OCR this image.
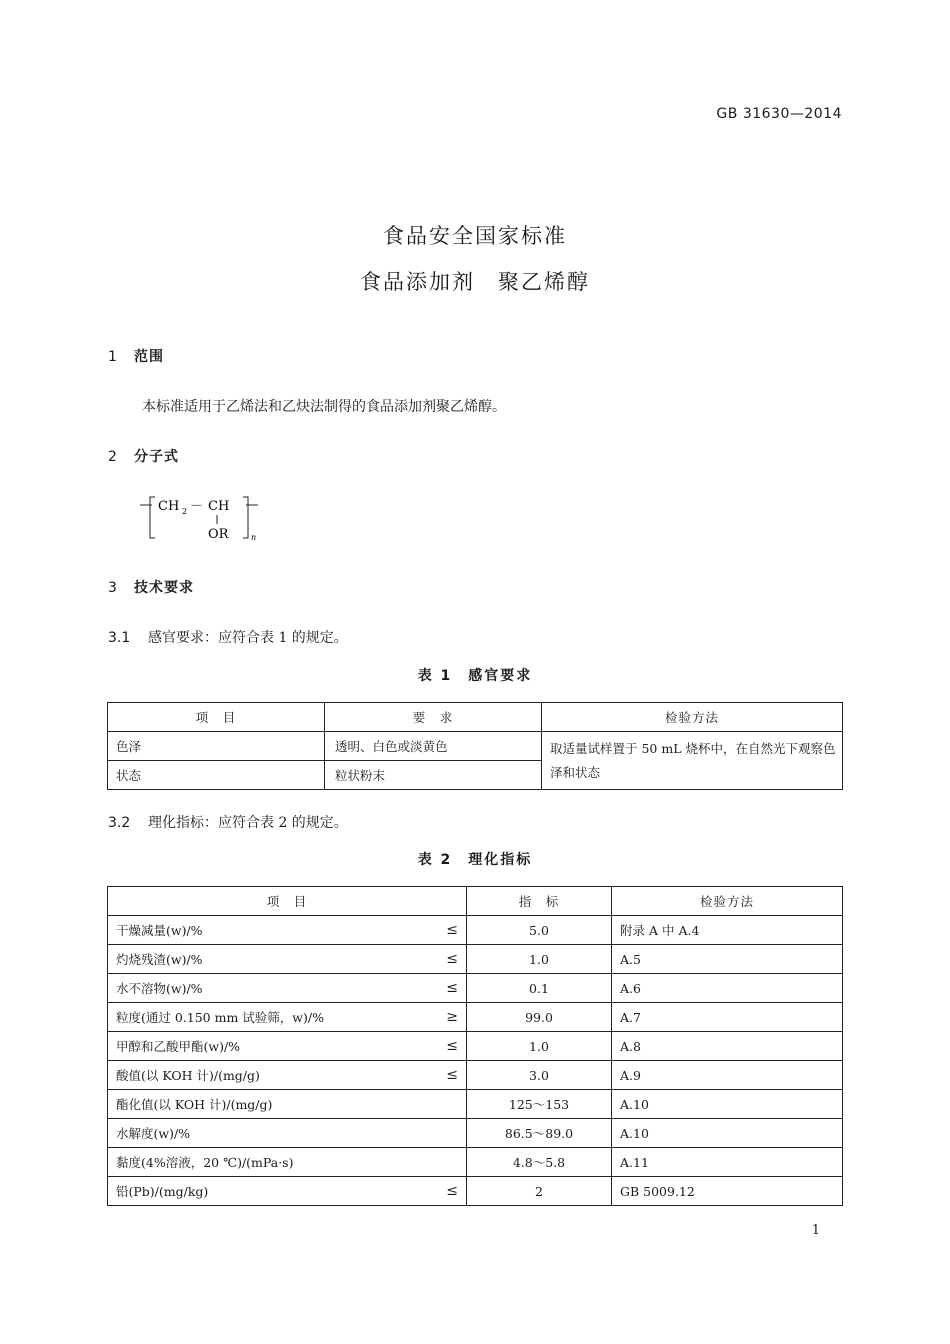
GB 31630—2014
食品安全国家标准
食品添加剂　聚乙烯醇
1 范围
本标准适用于乙烯法和乙炔法制得的食品添加剂聚乙烯醇。
2 分子式
CH 2 － CH
OR	n
3 技术要求
3.1 感官要求：应符合表 1 的规定。
表 1　感官要求
项　目	要　求	检验方法
色泽	透明、白色或淡黄色	取适量试样置于 50 mL 烧杯中，在自然光下观察色泽和状态
状态	粒状粉末	
3.2 理化指标：应符合表 2 的规定。
表 2　理化指标
项　目	指　标	检验方法
干燥减量(w)/% ≤	5.0	附录 A 中 A.4
灼烧残渣(w)/% ≤	1.0	A.5
水不溶物(w)/% ≤	0.1	A.6
粒度(通过 0.150 mm 试验筛，w)/% ≥	99.0	A.7
甲醇和乙酸甲酯(w)/% ≤	1.0	A.8
酸值(以 KOH 计)/(mg/g) ≤	3.0	A.9
酯化值(以 KOH 计)/(mg/g)	125～153	A.10
水解度(w)/%	86.5～89.0	A.10
黏度(4%溶液，20 ℃)/(mPa·s)	4.8～5.8	A.11
铅(Pb)/(mg/kg) ≤	2	GB 5009.12
1
